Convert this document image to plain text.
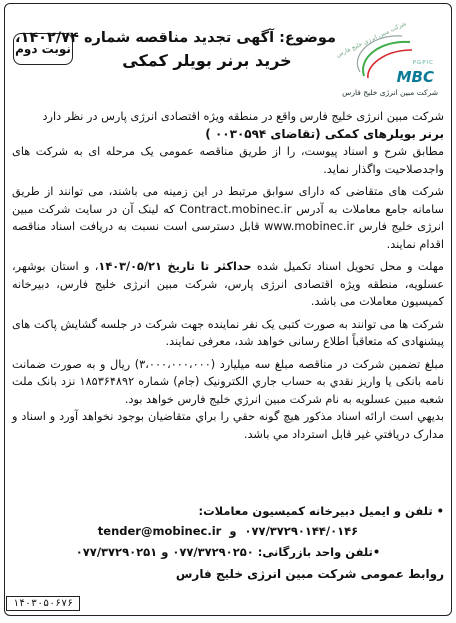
نوبت دوم
موضوع: آگهی تجدید مناقصه شماره ۱۴۰۲/۷۴،
خرید برنر بویلر کمکی
شرکت مبین انرژی خلیج فارس
PGPIC
MBC
شرکت مبین انرژی خلیج فارس

شرکت مبین انرژی خلیج فارس واقع در منطقه ویژه اقتصادی انرژی پارس در نظر دارد

برنر بویلرهای کمکی (تقاضای ۰۰۳۰۵۹۴ )

مطابق شرح و اسناد پیوست، را از طریق مناقصه عمومی یک مرحله ای به شرکت های واجدصلاحیت واگذار نماید.

شرکت های متقاضی که دارای سوابق مرتبط در این زمینه می باشند، می توانند از طریق سامانه جامع معاملات به آدرس Contract.mobinec.ir که لینک آن در سایت شرکت مبین انرژی خلیج فارس www.mobinec.ir قابل دسترسی است نسبت به دریافت اسناد مناقصه اقدام نمایند.

مهلت و محل تحویل اسناد تکمیل شده حداکثر تا تاریخ ۱۴۰۳/۰۵/۲۱، و استان بوشهر، عسلویه، منطقه ویژه اقتصادی انرژی پارس، شرکت مبین انرژی خلیج فارس، دبیرخانه کمیسیون معاملات می باشد.

شرکت ها می توانند به صورت کتبی یک نفر نماینده جهت شرکت در جلسه گشایش پاکت های پیشنهادی که متعاقباً اطلاع رسانی خواهد شد، معرفی نمایند.

مبلغ تضمین شرکت در مناقصه مبلغ سه میلیارد (۳،۰۰۰،۰۰۰،۰۰۰) ریال و به صورت ضمانت نامه بانکی یا واریز نقدي به حساب جاري الکترونیک (جام) شماره ۱۸۵۳۶۴۸۹۲ نزد بانک ملت شعبه مبین عسلویه به نام شرکت مبین انرژي خلیج فارس خواهد بود.

بدیهي است ارائه اسناد مذکور هیچ گونه حقي را براي متقاضیان بوجود نخواهد آورد و اسناد و مدارک دریافتي غیر قابل استرداد مي باشد.

• تلفن و ایمیل دبیرخانه کمیسیون معاملات:
۰۷۷/۳۷۲۹۰۱۴۴/۰۱۴۶  و  tender@mobinec.ir
•تلفن واحد بازرگانی: ۰۷۷/۳۷۲۹۰۲۵۰ و ۰۷۷/۳۷۲۹۰۲۵۱
روابط عمومی شرکت مبین انرژی خلیج فارس
۱۴۰۳۰۵۰۶۷۶
